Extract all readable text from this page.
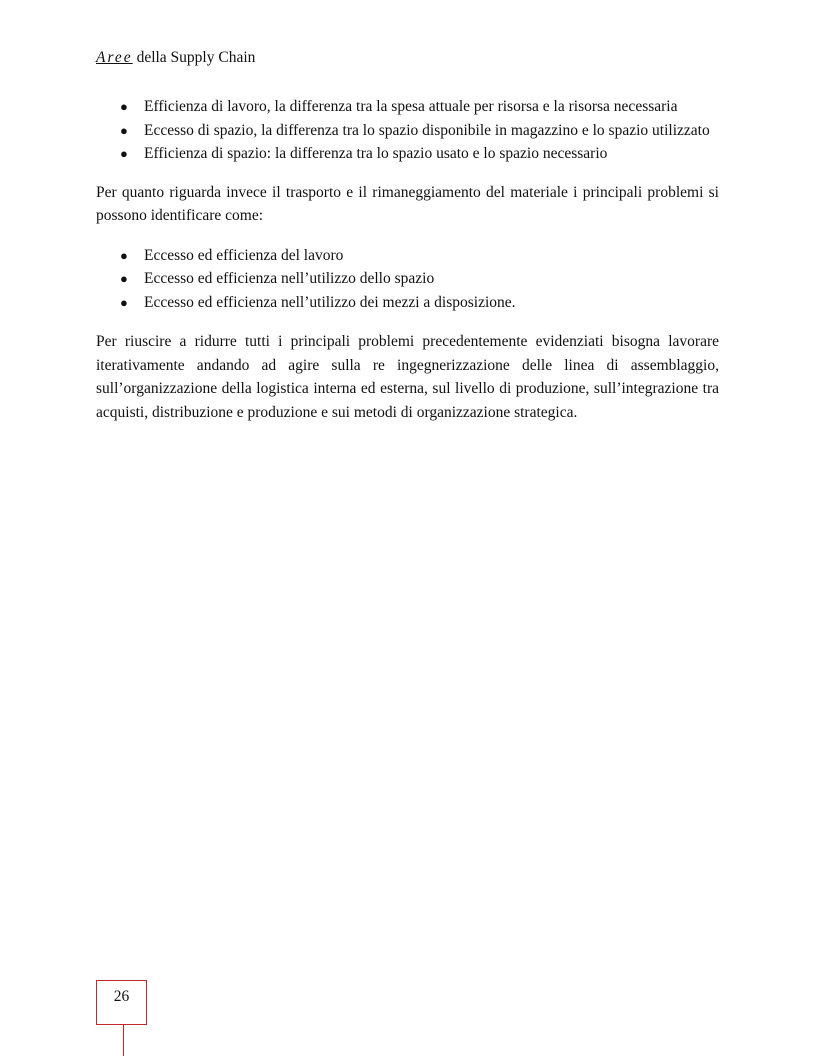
Aree della Supply Chain
● Efficienza di lavoro, la differenza tra la spesa attuale per risorsa e la risorsa necessaria
● Eccesso di spazio, la differenza tra lo spazio disponibile in magazzino e lo spazio utilizzato
● Efficienza di spazio: la differenza tra lo spazio usato e lo spazio necessario

Per quanto riguarda invece il trasporto e il rimaneggiamento del materiale i principali problemi si possono identificare come:

● Eccesso ed efficienza del lavoro
● Eccesso ed efficienza nell’utilizzo dello spazio
● Eccesso ed efficienza nell’utilizzo dei mezzi a disposizione.

Per riuscire a ridurre tutti i principali problemi precedentemente evidenziati bisogna lavorare iterativamente andando ad agire sulla re ingegnerizzazione delle linea di assemblaggio, sull’organizzazione della logistica interna ed esterna, sul livello di produzione, sull’integrazione tra acquisti, distribuzione e produzione e sui metodi di organizzazione strategica.

26
